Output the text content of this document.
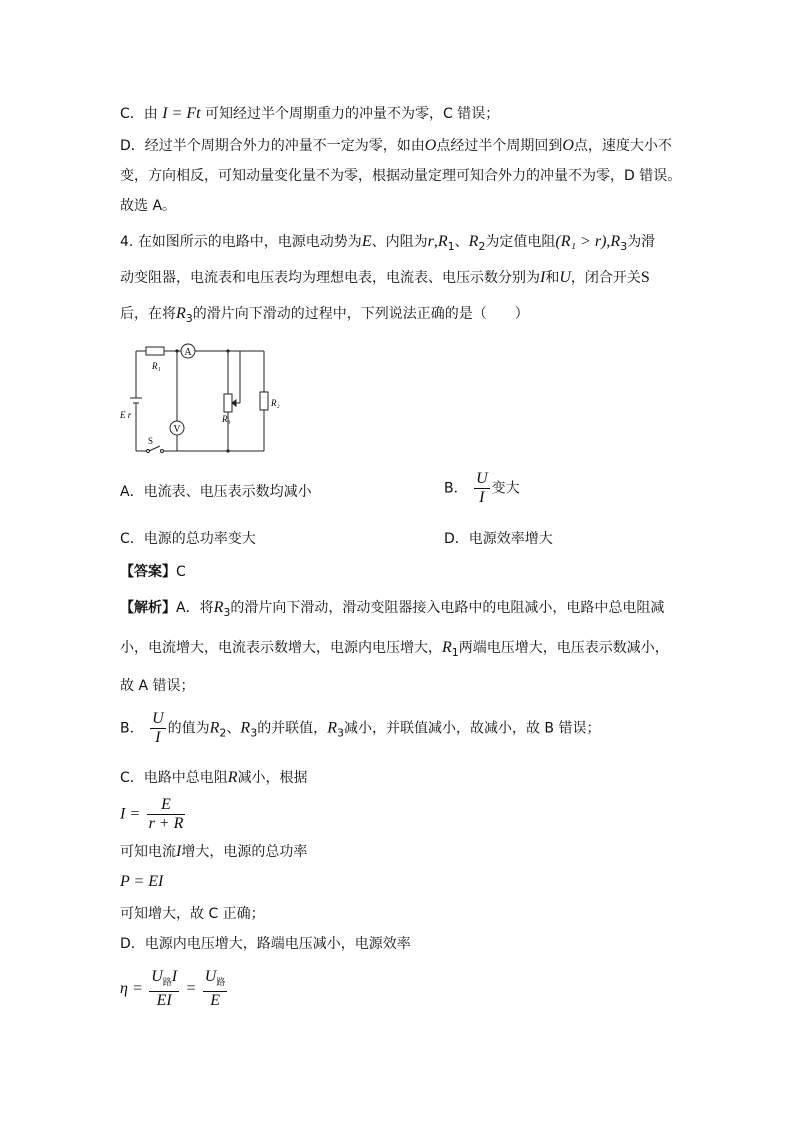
C．由 I = Ft 可知经过半个周期重力的冲量不为零，C 错误；
D．经过半个周期合外力的冲量不一定为零，如由O点经过半个周期回到O点，速度大小不
变，方向相反，可知动量变化量不为零，根据动量定理可知合外力的冲量不为零，D 错误。
故选 A。
4. 在如图所示的电路中，电源电动势为E、内阻为$r,R_1$、$R_2$为定值电阻$(R_1 > r),R_3$为滑
动变阻器，电流表和电压表均为理想电表，电流表、电压示数分别为I和U，闭合开关S
后，在将$R_3$的滑片向下滑动的过程中，下列说法正确的是（　　）
A
V
R₁
R₃
R₂
E r
S
A．电流表、电压表示数均减小	B． $\frac{U}{I}$ 变大
C．电源的总功率变大	D．电源效率增大
【答案】C
【解析】A．将$R_3$的滑片向下滑动，滑动变阻器接入电路中的电阻减小，电路中总电阻减
小，电流增大，电流表示数增大，电源内电压增大，$R_1$两端电压增大，电压表示数减小，
故 A 错误；
B． $\frac{U}{I}$ 的值为$R_2$、$R_3$的并联值，$R_3$减小，并联值减小，故减小，故 B 错误；
C．电路中总电阻R减小，根据
$I = \frac{E}{r + R}$
可知电流I增大，电源的总功率
P = EI
可知增大，故 C 正确；
D．电源内电压增大，路端电压减小，电源效率
$\eta = \frac{U_路I}{EI} = \frac{U_路}{E}$
